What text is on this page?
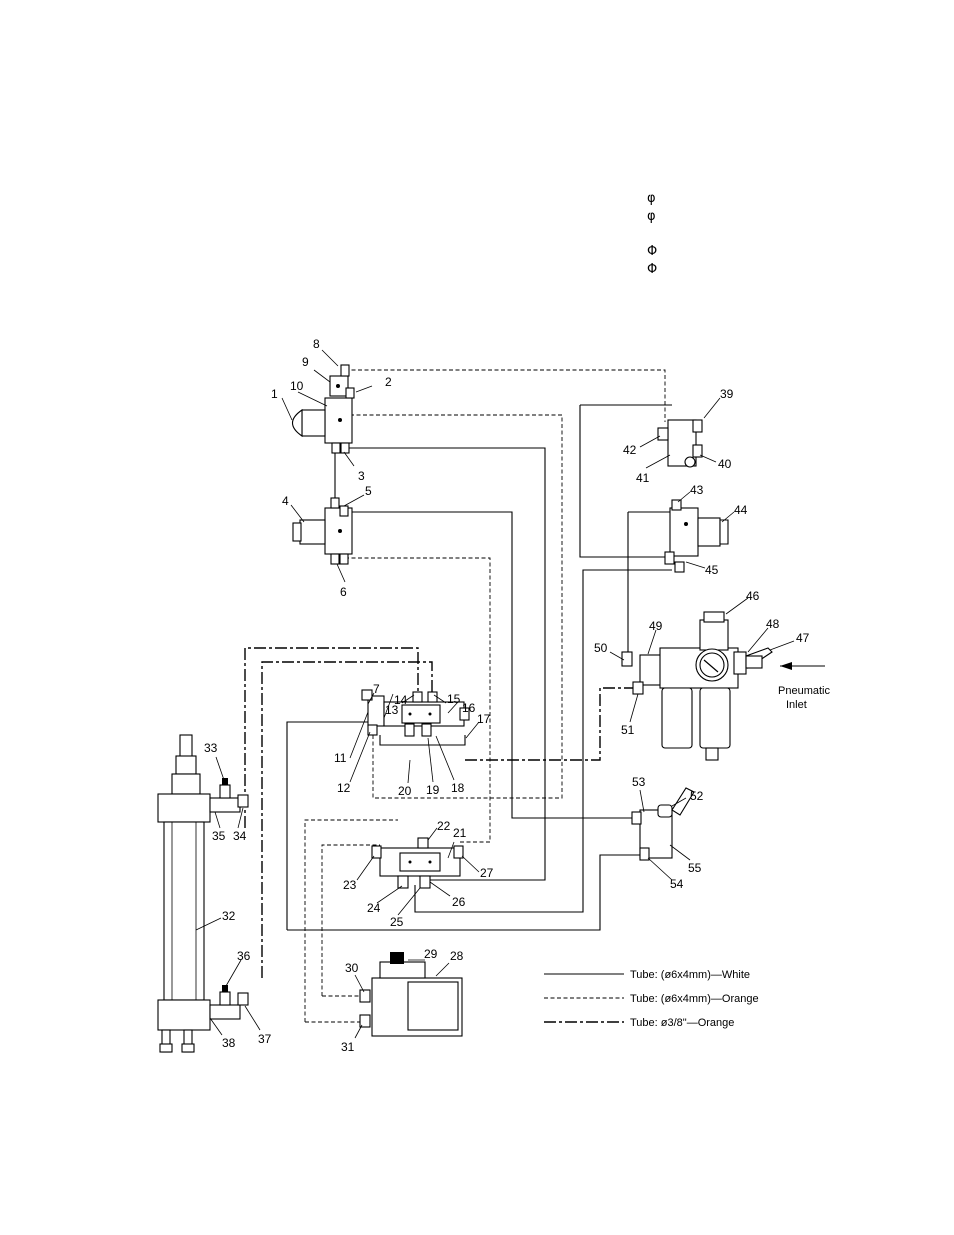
φ
φ
Φ
Φ
Pneumatic
Inlet
1
2
3
4
5
6
7
8
9
10
11
12
13
14	15
16
17
18
19
20
21
22
23
24
25
26
27
28
29
30
31
32
33
34
35
36
37
38
39
40
41
42
43
44
45
46
47
48
49
50
51
52
53
54
55
Tube: (ø6x4mm)—White
Tube: (ø6x4mm)—Orange
Tube: ø3/8"—Orange
